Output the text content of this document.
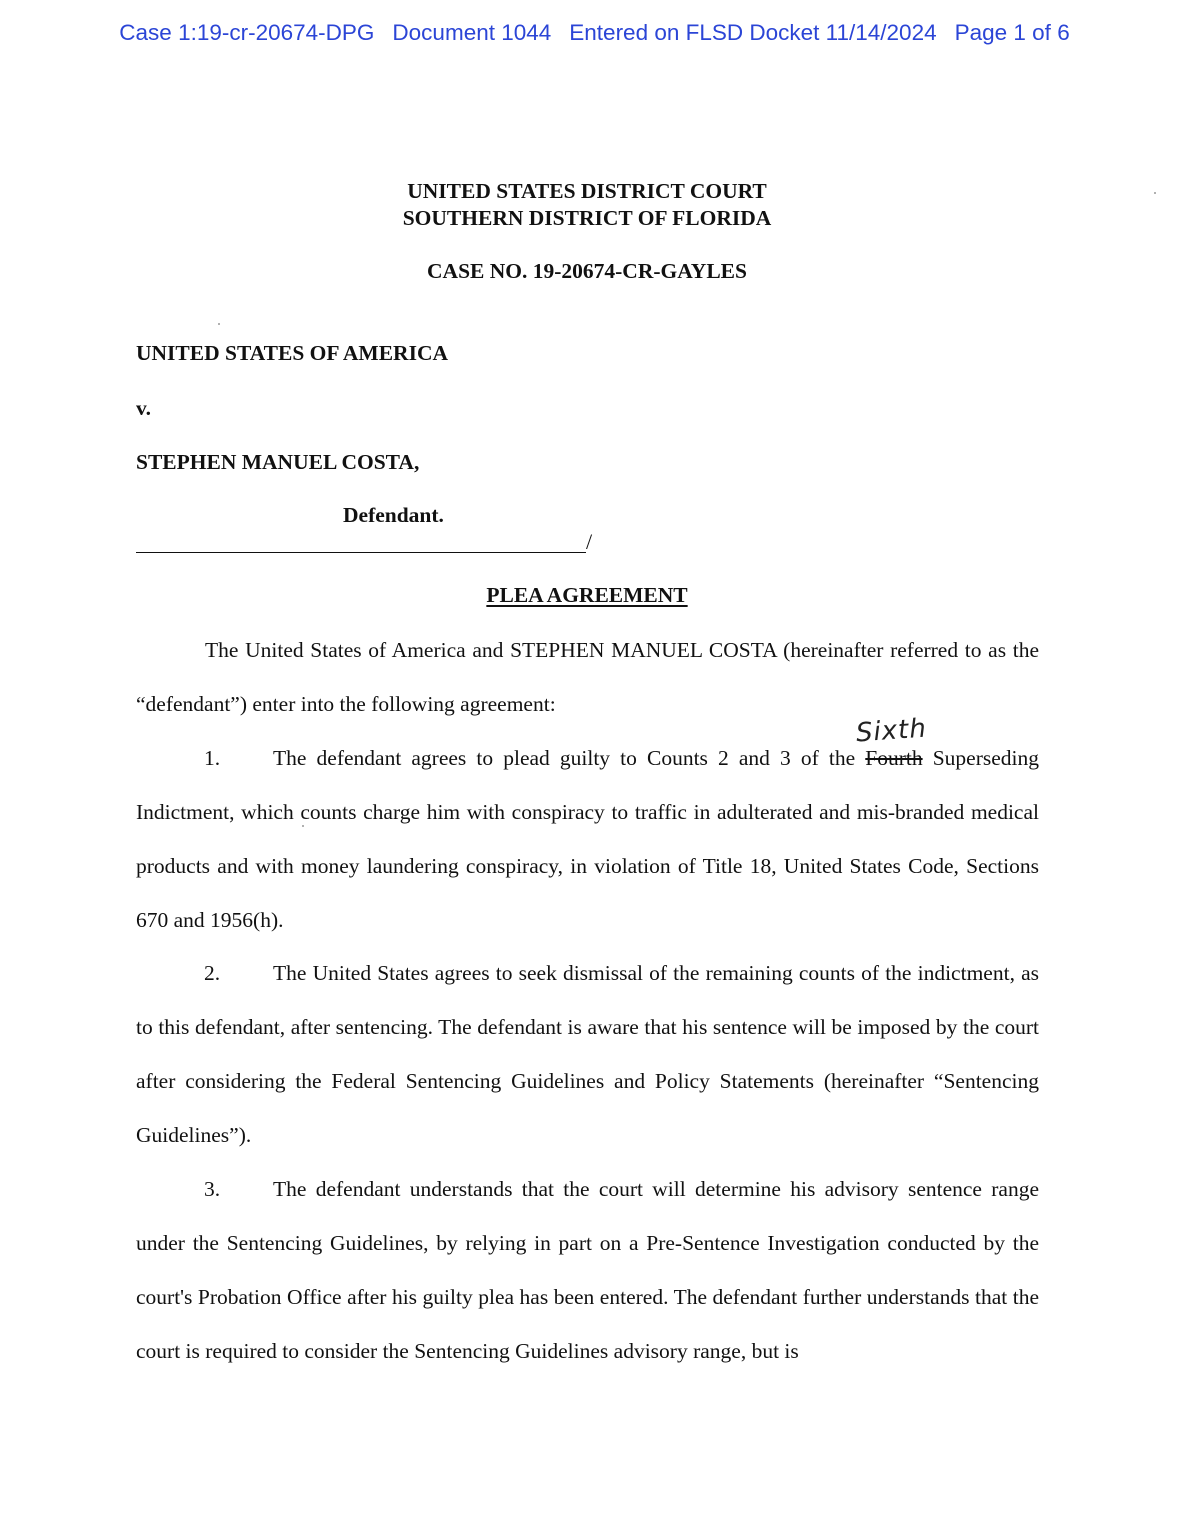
Case 1:19-cr-20674-DPG Document 1044 Entered on FLSD Docket 11/14/2024 Page 1 of 6
UNITED STATES DISTRICT COURT
SOUTHERN DISTRICT OF FLORIDA
CASE NO. 19-20674-CR-GAYLES
UNITED STATES OF AMERICA
v.
STEPHEN MANUEL COSTA,
Defendant.
/
PLEA AGREEMENT
The United States of America and STEPHEN MANUEL COSTA (hereinafter referred to as the “defendant”) enter into the following agreement:
Sixth
1. The defendant agrees to plead guilty to Counts 2 and 3 of the Fourth Superseding Indictment, which counts charge him with conspiracy to traffic in adulterated and mis-branded medical products and with money laundering conspiracy, in violation of Title 18, United States Code, Sections 670 and 1956(h).
2. The United States agrees to seek dismissal of the remaining counts of the indictment, as to this defendant, after sentencing. The defendant is aware that his sentence will be imposed by the court after considering the Federal Sentencing Guidelines and Policy Statements (hereinafter “Sentencing Guidelines”).
3. The defendant understands that the court will determine his advisory sentence range under the Sentencing Guidelines, by relying in part on a Pre-Sentence Investigation conducted by the court's Probation Office after his guilty plea has been entered. The defendant further understands that the court is required to consider the Sentencing Guidelines advisory range, but is
